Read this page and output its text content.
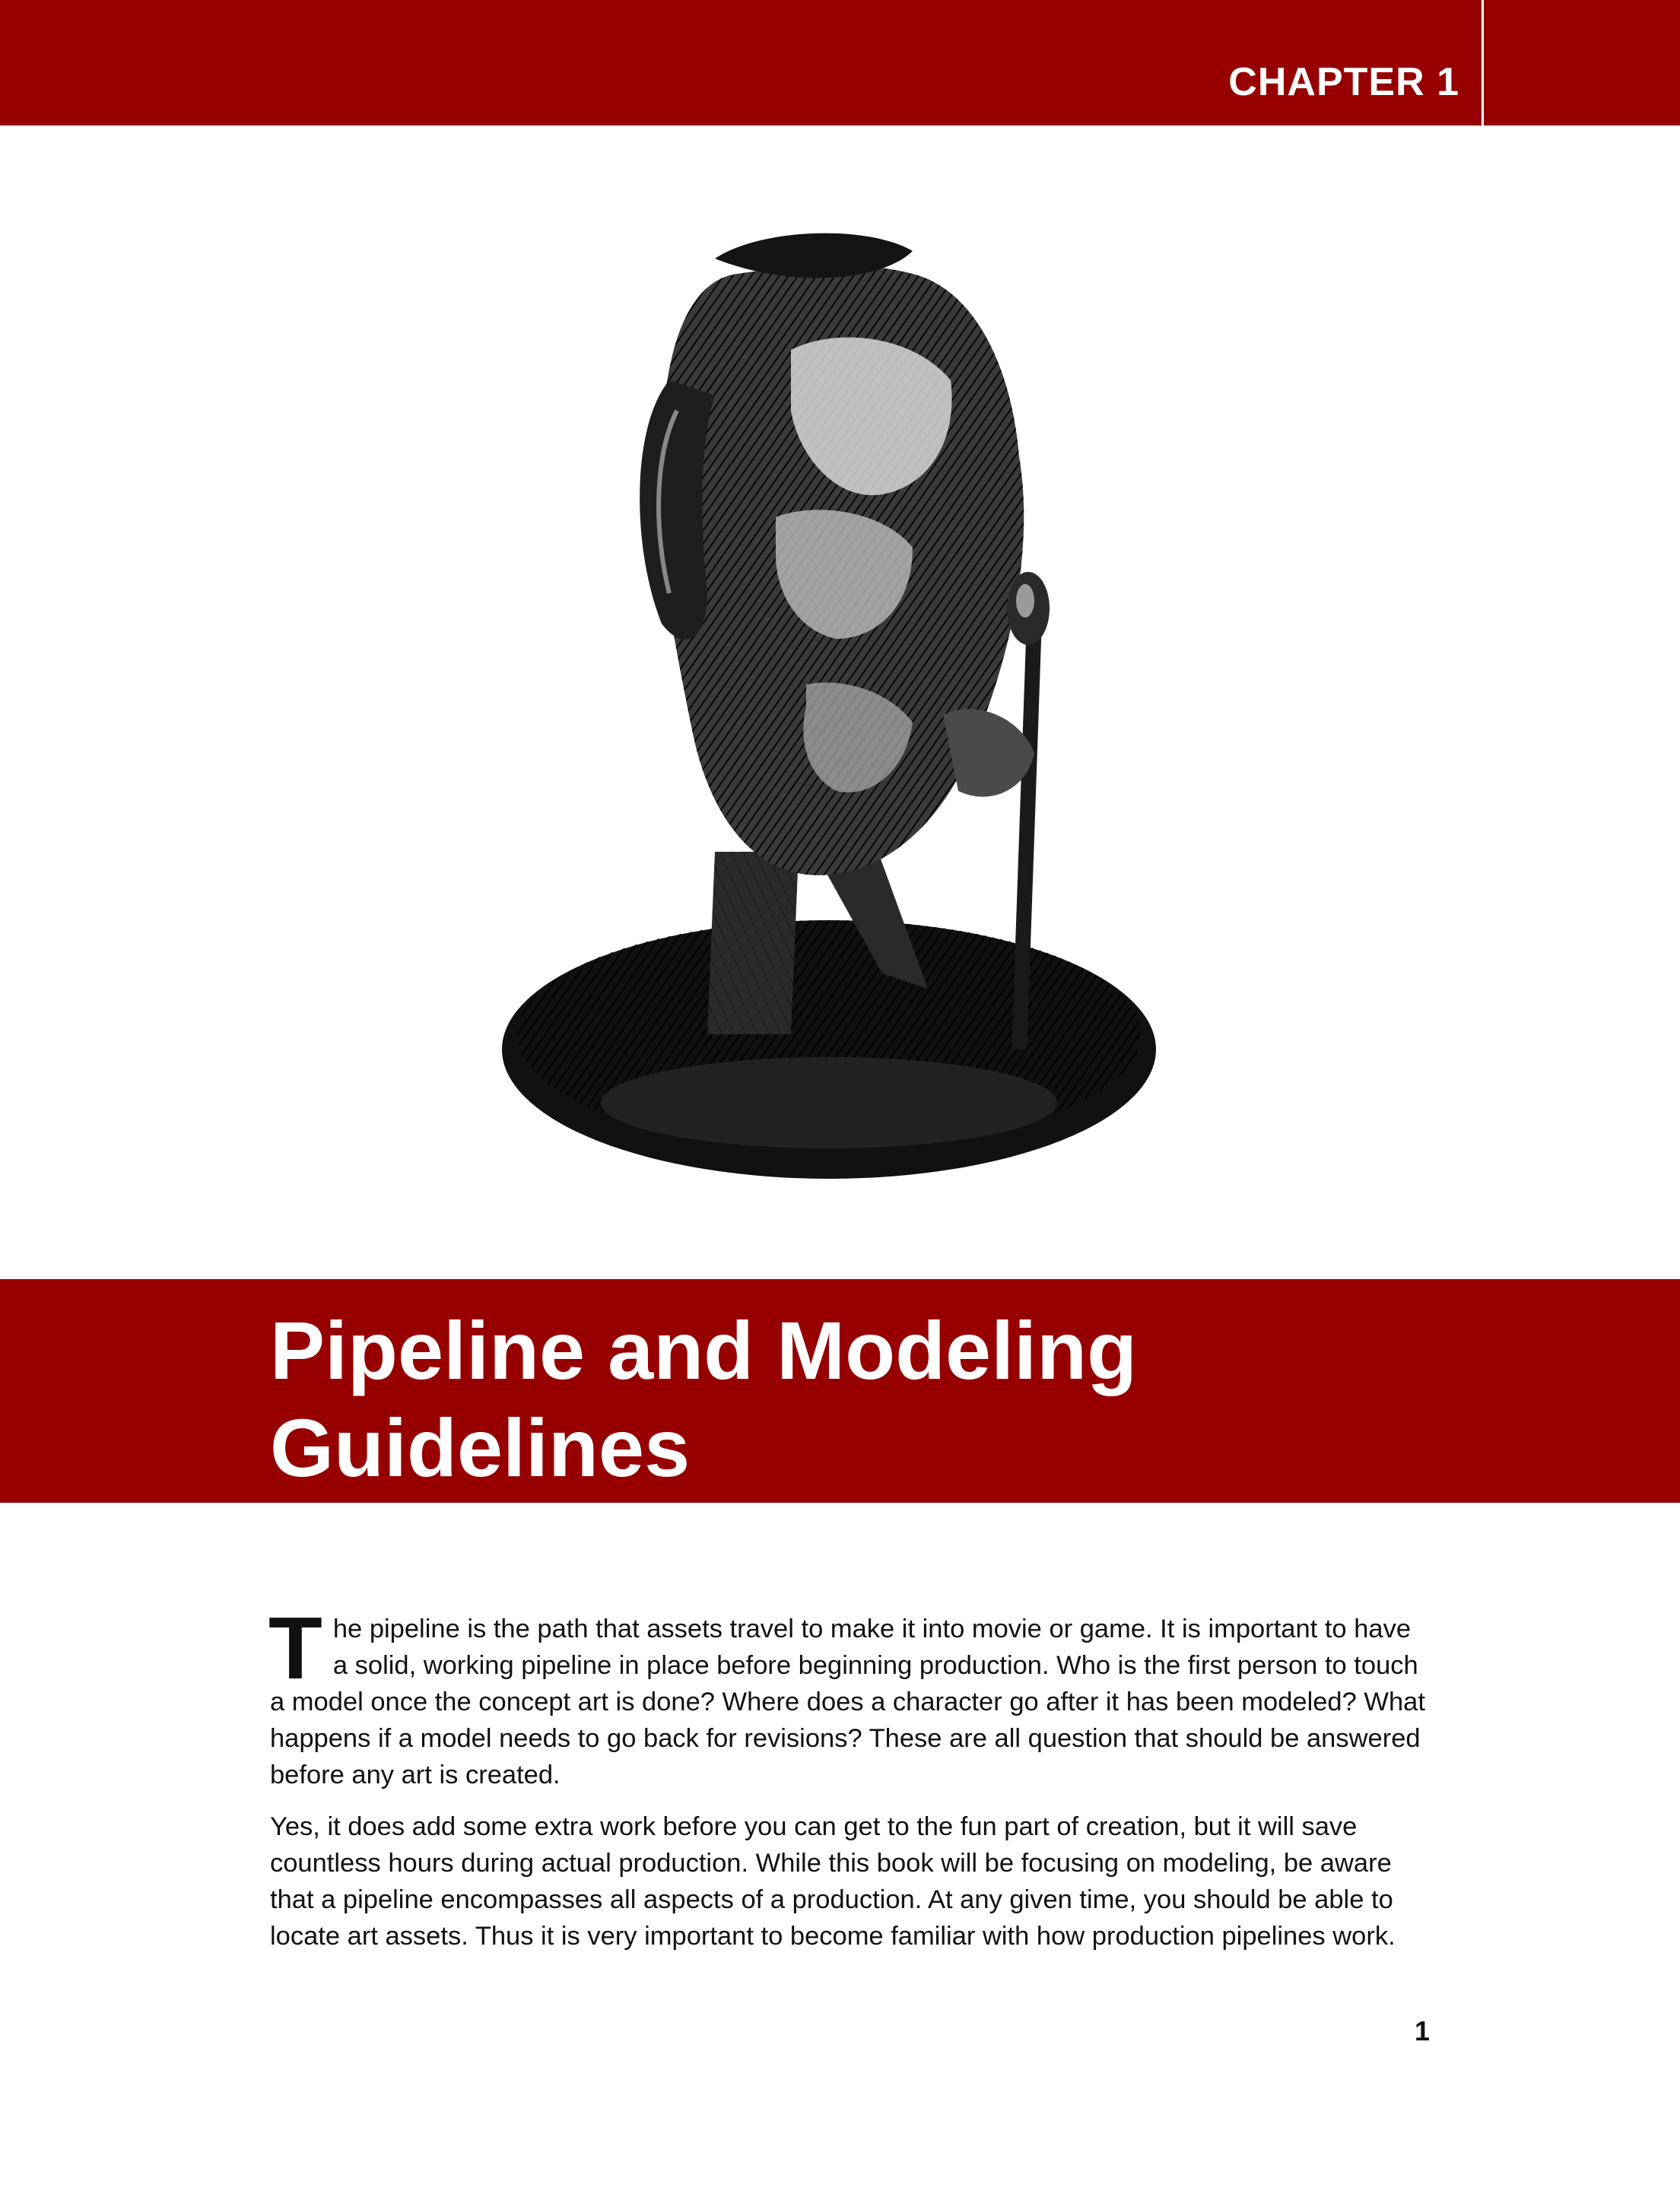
CHAPTER 1
Pipeline and Modeling
Guidelines

The pipeline is the path that assets travel to make it into movie or game. It is important to have a solid, working pipeline in place before beginning production. Who is the first person to touch a model once the concept art is done? Where does a character go after it has been modeled? What happens if a model needs to go back for revisions? These are all question that should be answered before any art is created.

Yes, it does add some extra work before you can get to the fun part of creation, but it will save countless hours during actual production. While this book will be focusing on modeling, be aware that a pipeline encompasses all aspects of a production. At any given time, you should be able to locate art assets. Thus it is very important to become familiar with how production pipelines work.

1
